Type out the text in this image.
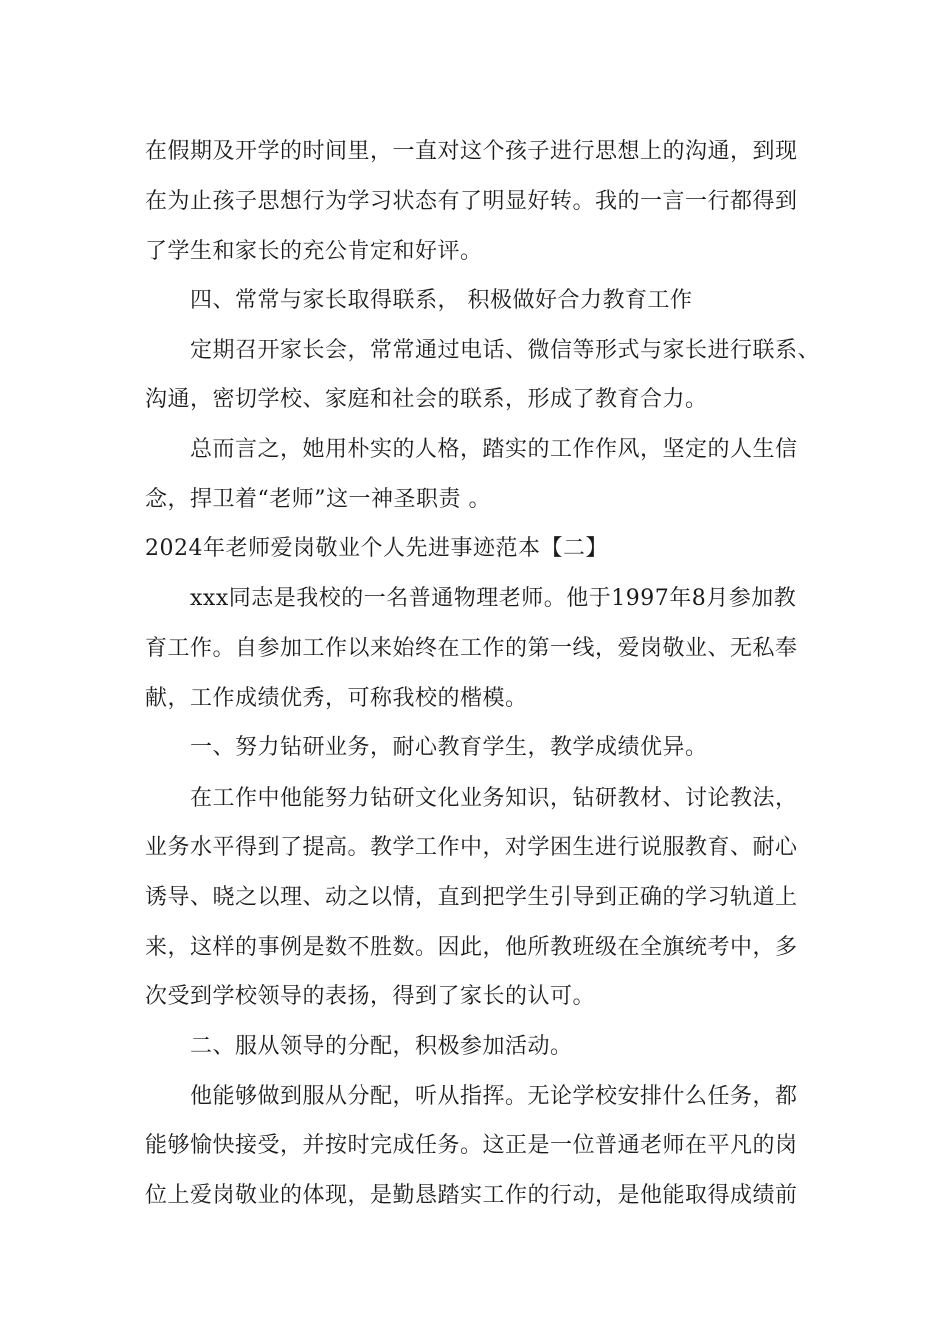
在假期及开学的时间里，一直对这个孩子进行思想上的沟通，到现
在为止孩子思想行为学习状态有了明显好转。我的一言一行都得到
了学生和家长的充公肯定和好评。
四、常常与家长取得联系， 积极做好合力教育工作
定期召开家长会，常常通过电话、微信等形式与家长进行联系、
沟通，密切学校、家庭和社会的联系，形成了教育合力。
总而言之，她用朴实的人格，踏实的工作作风，坚定的人生信
念，捍卫着“老师”这一神圣职责 。
2024年老师爱岗敬业个人先进事迹范本【二】
xxx同志是我校的一名普通物理老师。他于1997年8月参加教
育工作。自参加工作以来始终在工作的第一线，爱岗敬业、无私奉
献，工作成绩优秀，可称我校的楷模。
一、努力钻研业务，耐心教育学生，教学成绩优异。
在工作中他能努力钻研文化业务知识，钻研教材、讨论教法，
业务水平得到了提高。教学工作中，对学困生进行说服教育、耐心
诱导、晓之以理、动之以情，直到把学生引导到正确的学习轨道上
来，这样的事例是数不胜数。因此，他所教班级在全旗统考中，多
次受到学校领导的表扬，得到了家长的认可。
二、服从领导的分配，积极参加活动。
他能够做到服从分配，听从指挥。无论学校安排什么任务，都
能够愉快接受，并按时完成任务。这正是一位普通老师在平凡的岗
位上爱岗敬业的体现，是勤恳踏实工作的行动，是他能取得成绩前
